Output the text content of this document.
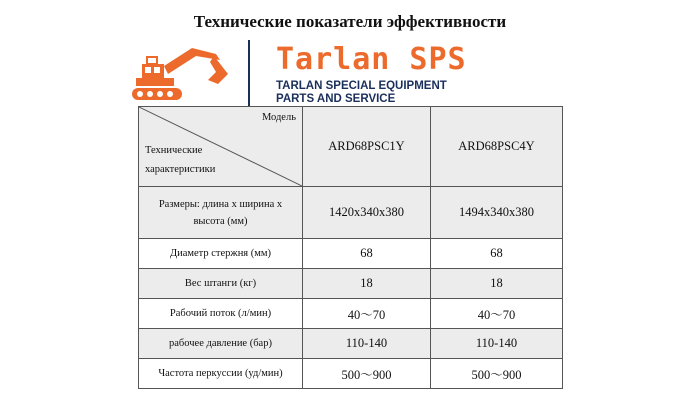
Технические показатели эффективности
Tarlan SPS
TARLAN SPECIAL EQUIPMENT
PARTS AND SERVICE
Модель
Технические
характеристики	ARD68PSC1Y	ARD68PSC4Y

Размеры: длина x ширина x
высота (мм)	1420x340x380	1494x340x380
Диаметр стержня (мм)	68	68
Вес штанги (кг)	18	18
Рабочий поток (л/мин)	40～70	40～70
рабочее давление (бар)	110-140	110-140
Частота перкуссии (уд/мин)	500～900	500～900
